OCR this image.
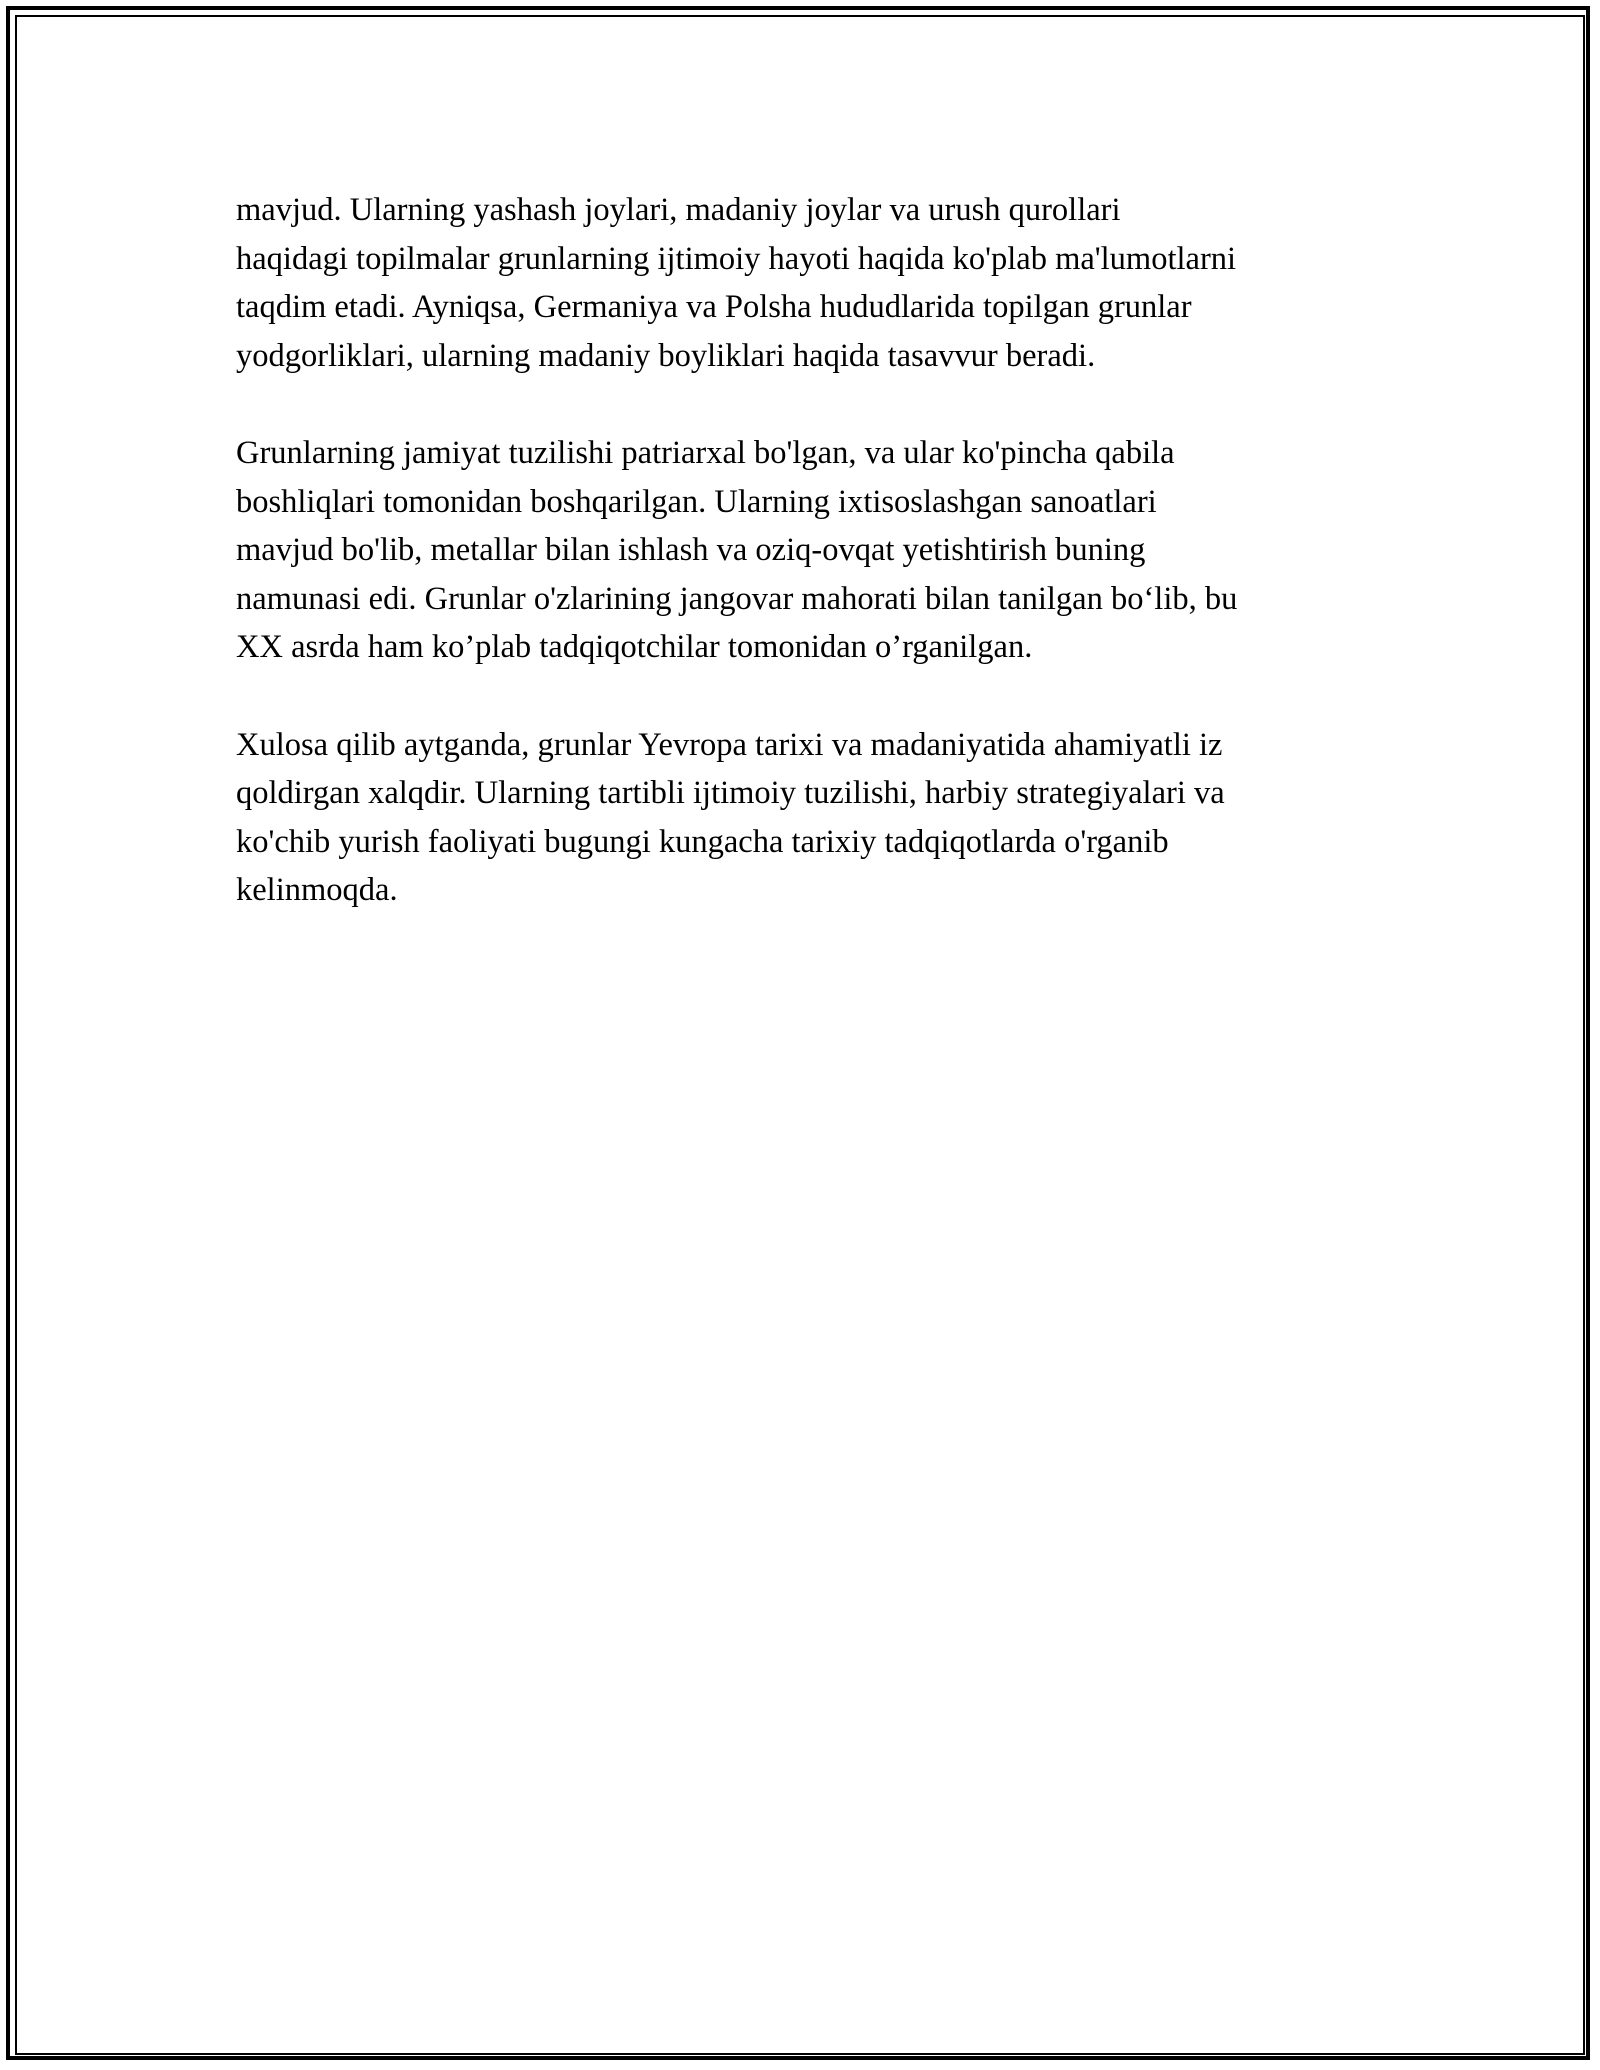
mavjud. Ularning yashash joylari, madaniy joylar va urush qurollari
haqidagi topilmalar grunlarning ijtimoiy hayoti haqida ko'plab ma'lumotlarni
taqdim etadi. Ayniqsa, Germaniya va Polsha hududlarida topilgan grunlar
yodgorliklari, ularning madaniy boyliklari haqida tasavvur beradi.

Grunlarning jamiyat tuzilishi patriarxal bo'lgan, va ular ko'pincha qabila
boshliqlari tomonidan boshqarilgan. Ularning ixtisoslashgan sanoatlari
mavjud bo'lib, metallar bilan ishlash va oziq-ovqat yetishtirish buning
namunasi edi. Grunlar o'zlarining jangovar mahorati bilan tanilgan bo‘lib, bu
XX asrda ham ko’plab tadqiqotchilar tomonidan o’rganilgan.

Xulosa qilib aytganda, grunlar Yevropa tarixi va madaniyatida ahamiyatli iz
qoldirgan xalqdir. Ularning tartibli ijtimoiy tuzilishi, harbiy strategiyalari va
ko'chib yurish faoliyati bugungi kungacha tarixiy tadqiqotlarda o'rganib
kelinmoqda.
